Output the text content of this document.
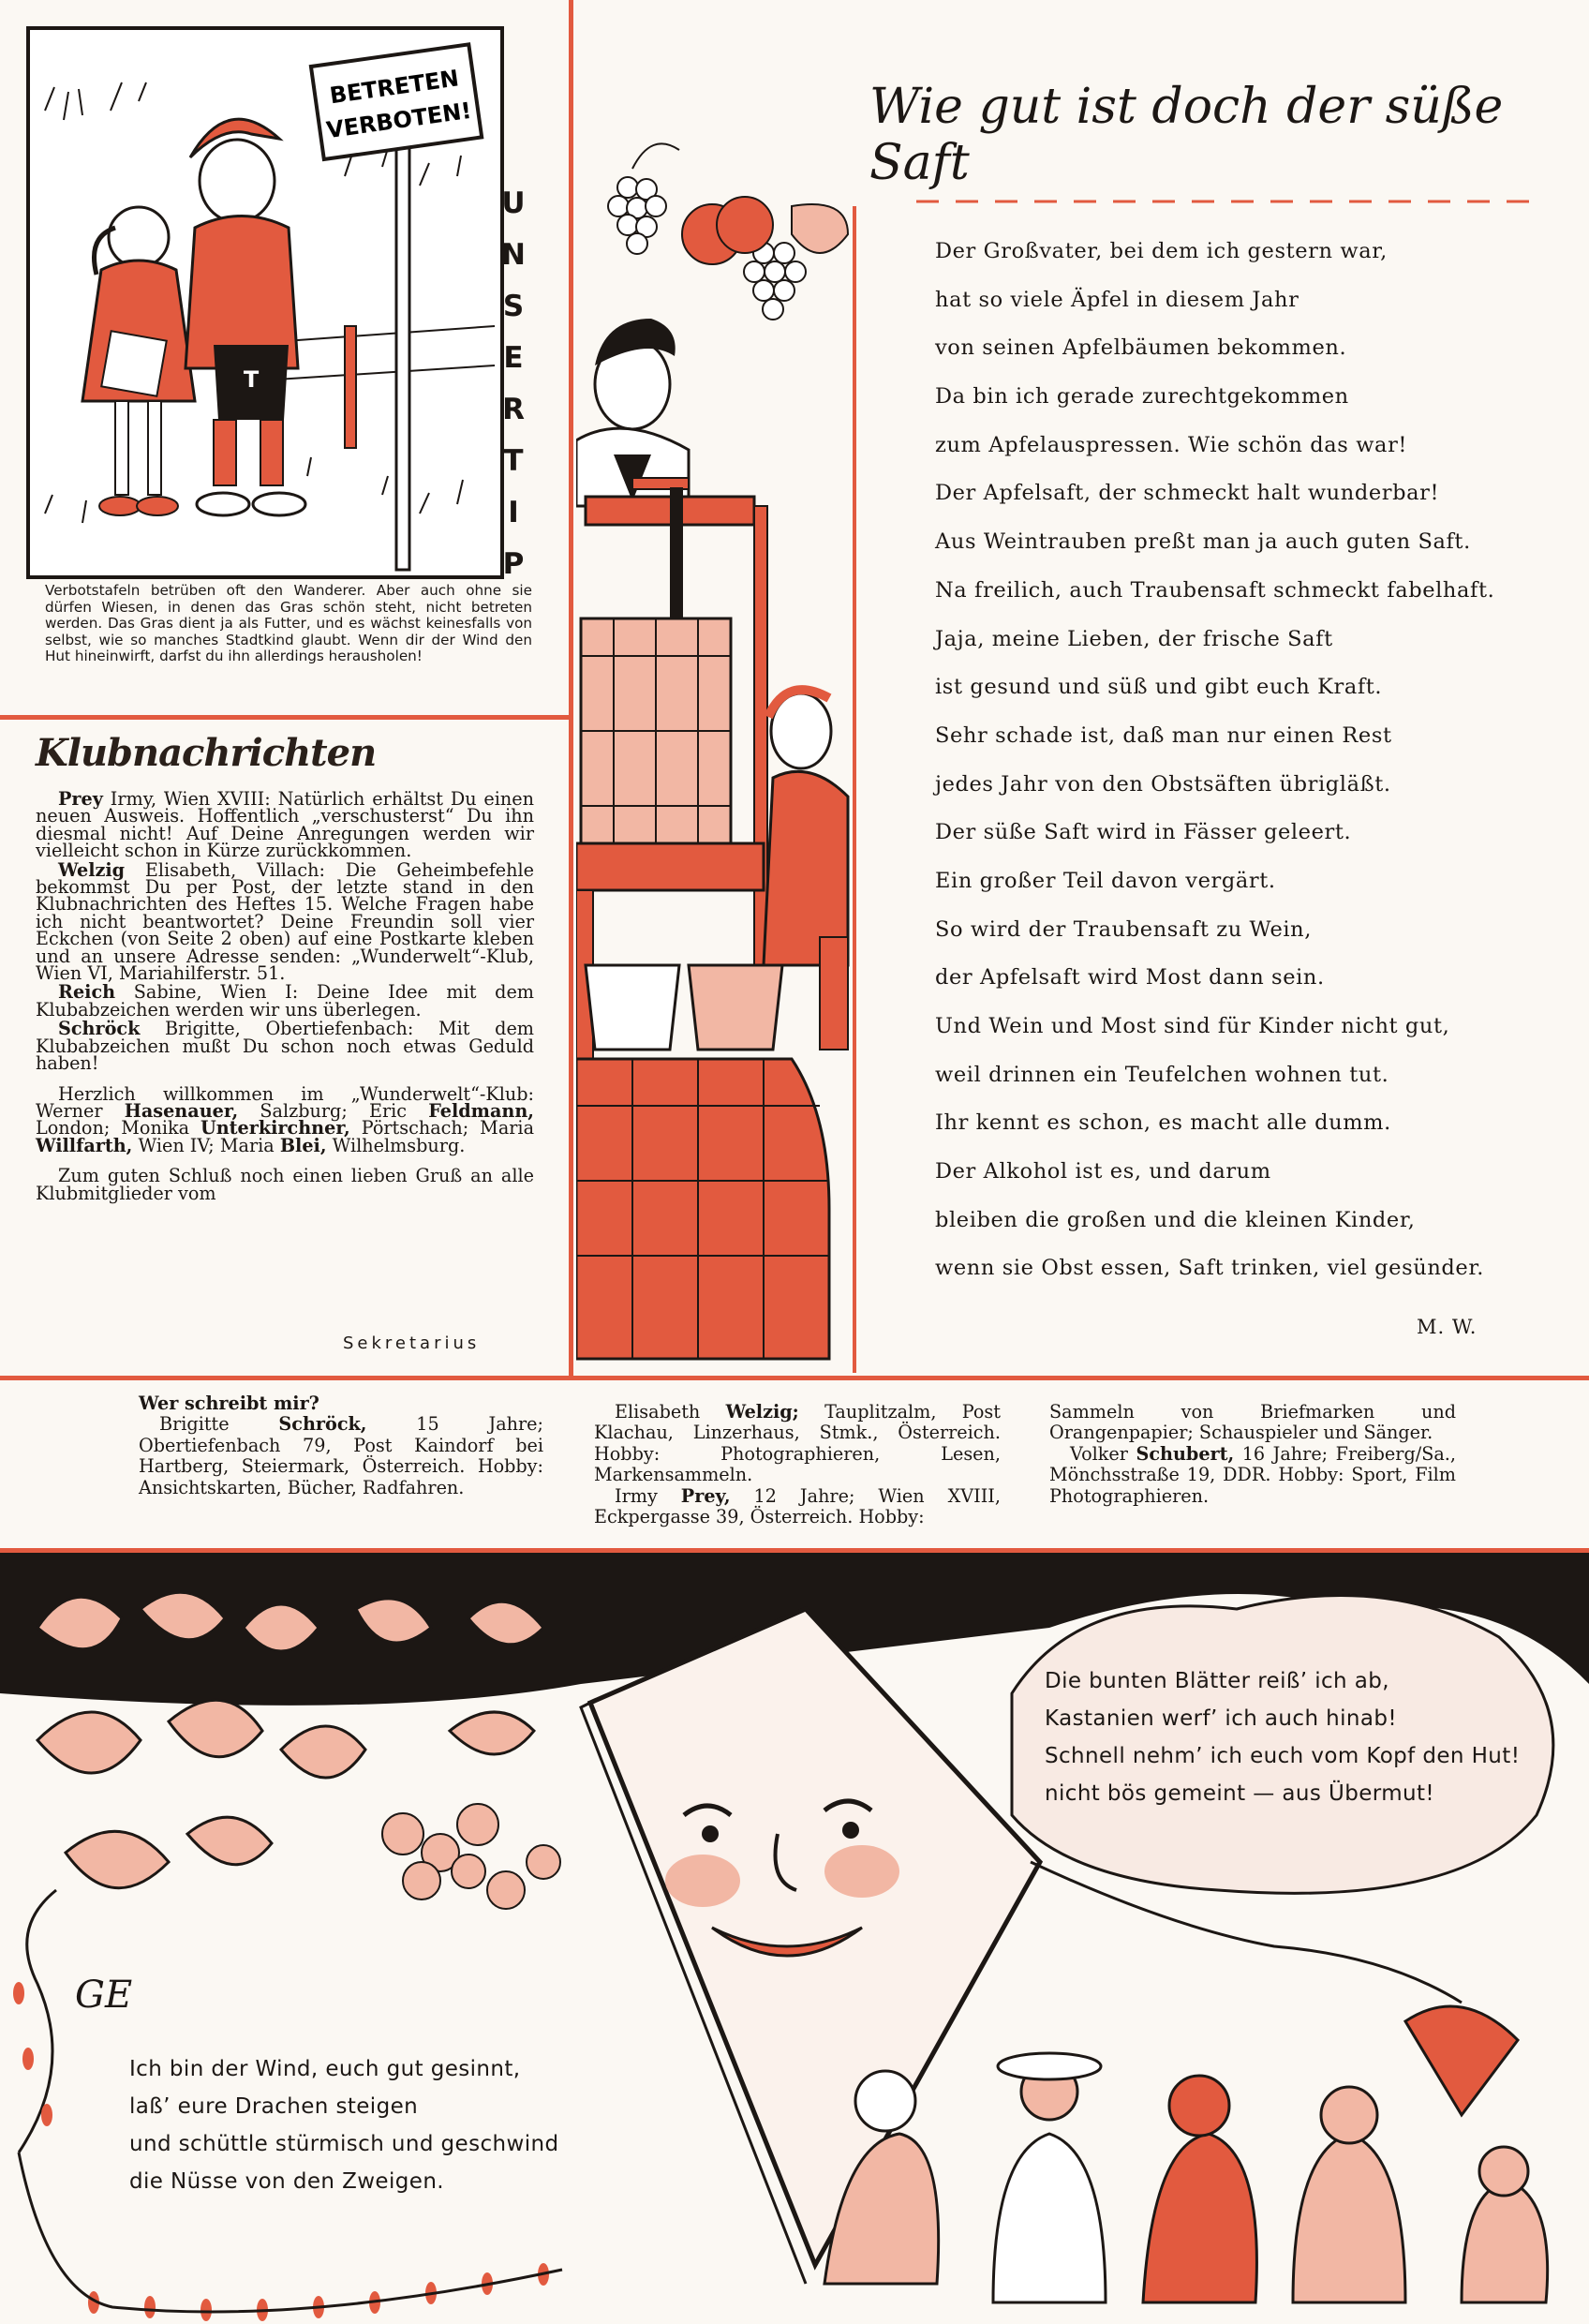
BETRETEN
VERBOTEN!
T
U
N
S
E
R
T
I
P
Verbotstafeln betrüben oft den Wanderer. Aber auch ohne sie dürfen Wiesen, in denen das Gras schön steht, nicht betreten werden. Das Gras dient ja als Futter, und es wächst keinesfalls von selbst, wie so manches Stadtkind glaubt. Wenn dir der Wind den Hut hineinwirft, darfst du ihn allerdings herausholen!
Klubnachrichten

Prey Irmy, Wien XVIII: Natürlich erhältst Du einen neuen Ausweis. Hoffentlich „verschusterst“ Du ihn diesmal nicht! Auf Deine Anregungen werden wir vielleicht schon in Kürze zurückkommen.

Welzig Elisabeth, Villach: Die Geheimbefehle bekommst Du per Post, der letzte stand in den Klubnachrichten des Heftes 15. Welche Fragen habe ich nicht beantwortet? Deine Freundin soll vier Eckchen (von Seite 2 oben) auf eine Postkarte kleben und an unsere Adresse senden: „Wunderwelt“-Klub, Wien VI, Mariahilferstr. 51.

Reich Sabine, Wien I: Deine Idee mit dem Klubabzeichen werden wir uns überlegen.

Schröck Brigitte, Obertiefenbach: Mit dem Klubabzeichen mußt Du schon noch etwas Geduld haben!

Herzlich willkommen im „Wunderwelt“-Klub: Werner Hasenauer, Salzburg; Eric Feldmann, London; Monika Unterkirchner, Pörtschach; Maria Willfarth, Wien IV; Maria Blei, Wilhelmsburg.

Zum guten Schluß noch einen lieben Gruß an alle Klubmitglieder vom

Sekretarius
Wie gut ist doch der süße Saft
Der Großvater, bei dem ich gestern war,
hat so viele Äpfel in diesem Jahr
von seinen Apfelbäumen bekommen.
Da bin ich gerade zurechtgekommen
zum Apfelauspressen. Wie schön das war!
Der Apfelsaft, der schmeckt halt wunderbar!
Aus Weintrauben preßt man ja auch guten Saft.
Na freilich, auch Traubensaft schmeckt fabelhaft.
Jaja, meine Lieben, der frische Saft
ist gesund und süß und gibt euch Kraft.
Sehr schade ist, daß man nur einen Rest
jedes Jahr von den Obstsäften übrigläßt.
Der süße Saft wird in Fässer geleert.
Ein großer Teil davon vergärt.
So wird der Traubensaft zu Wein,
der Apfelsaft wird Most dann sein.
Und Wein und Most sind für Kinder nicht gut,
weil drinnen ein Teufelchen wohnen tut.
Ihr kennt es schon, es macht alle dumm.
Der Alkohol ist es, und darum
bleiben die großen und die kleinen Kinder,
wenn sie Obst essen, Saft trinken, viel gesünder.
M. W.

Wer schreibt mir?

Brigitte Schröck, 15 Jahre; Obertiefenbach 79, Post Kaindorf bei Hartberg, Steiermark, Österreich. Hobby: Ansichtskarten, Bücher, Radfahren.

Elisabeth Welzig; Tauplitzalm, Post Klachau, Linzerhaus, Stmk., Österreich. Hobby: Photographieren, Lesen, Markensammeln.

Irmy Prey, 12 Jahre; Wien XVIII, Eckpergasse 39, Österreich. Hobby:

Sammeln von Briefmarken und Orangenpapier; Schauspieler und Sänger.

Volker Schubert, 16 Jahre; Freiberg/Sa., Mönchsstraße 19, DDR. Hobby: Sport, Film Photographieren.

GE
Die bunten Blätter reiß’ ich ab,
Kastanien werf’ ich auch hinab!
Schnell nehm’ ich euch vom Kopf den Hut!
nicht bös gemeint — aus Übermut!
Ich bin der Wind, euch gut gesinnt,
laß’ eure Drachen steigen
und schüttle stürmisch und geschwind
die Nüsse von den Zweigen.
